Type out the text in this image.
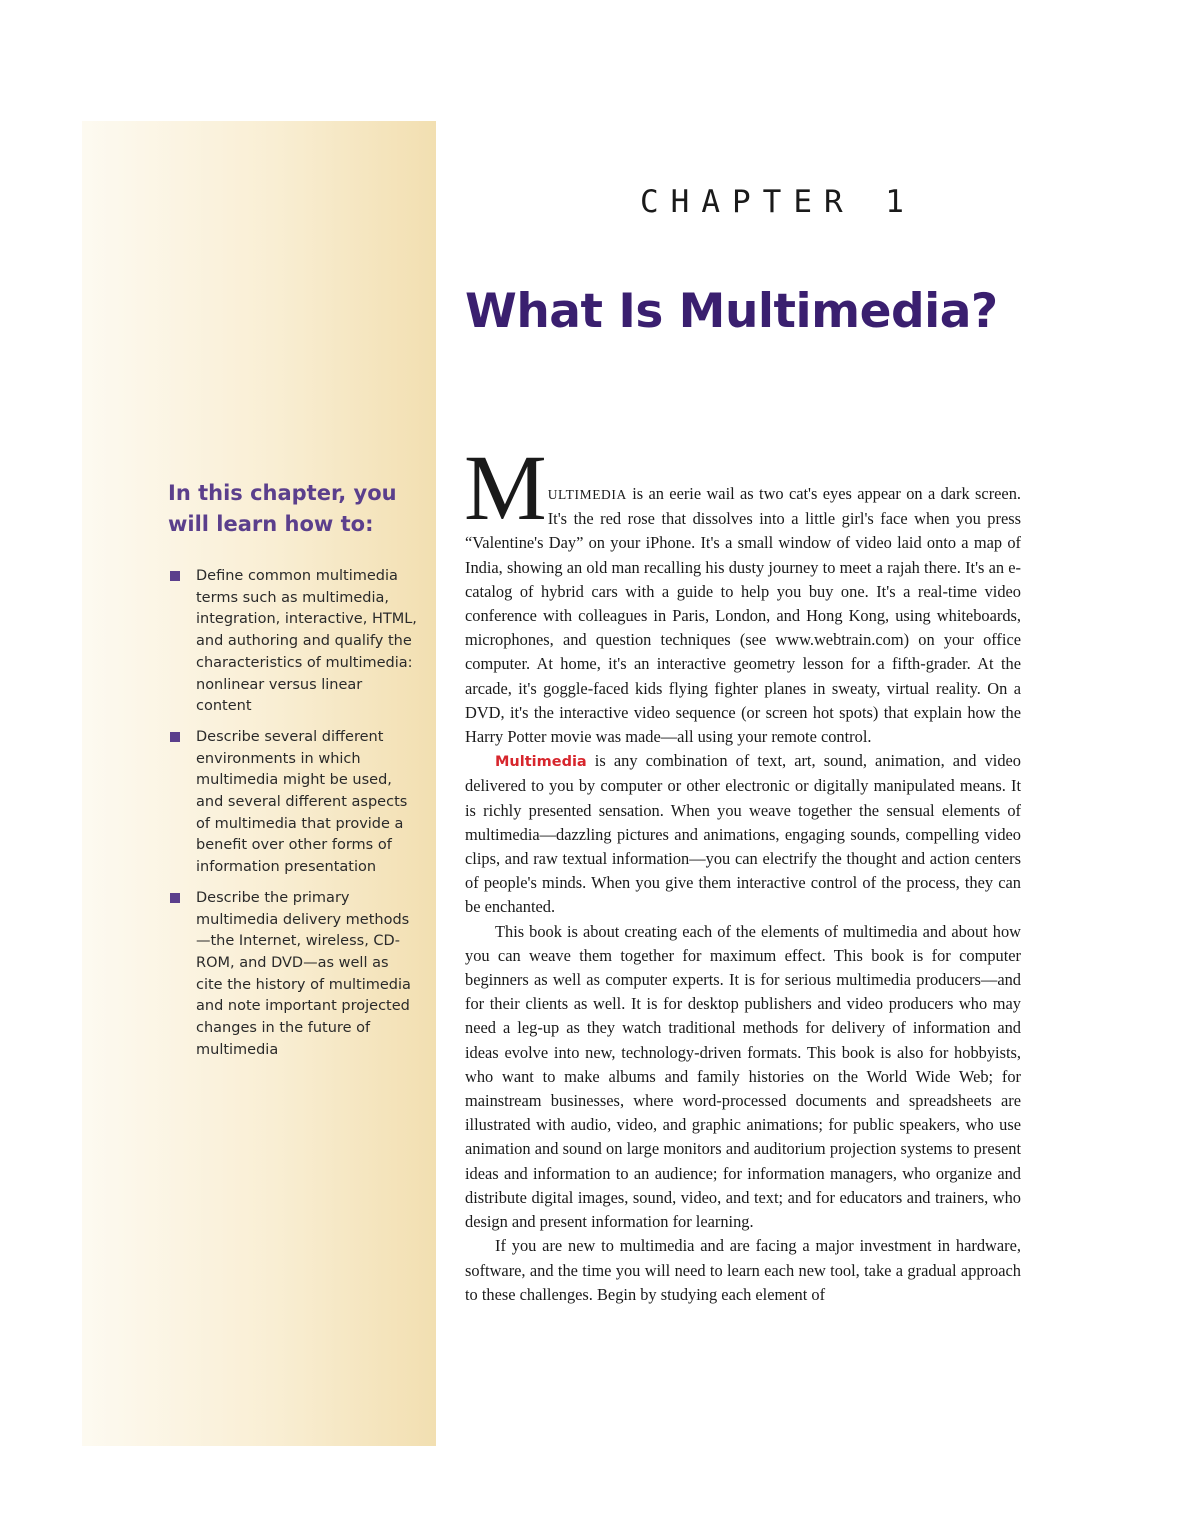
In this chapter, you
will learn how to:
Define common multimedia terms such as multimedia, integration, interactive, HTML, and authoring and qualify the characteristics of multimedia: nonlinear versus linear content
Describe several different environments in which multimedia might be used, and several different aspects of multimedia that provide a benefit over other forms of information presentation
Describe the primary multimedia delivery methods—the Internet, wireless, CD-ROM, and DVD—as well as cite the history of multimedia and note important projected changes in the future of multimedia
CHAPTER 1
What Is Multimedia?

MULTIMEDIA is an eerie wail as two cat's eyes appear on a dark screen. It's the red rose that dissolves into a little girl's face when you press “Valentine's Day” on your iPhone. It's a small window of video laid onto a map of India, showing an old man recalling his dusty journey to meet a rajah there. It's an e-catalog of hybrid cars with a guide to help you buy one. It's a real-time video conference with colleagues in Paris, London, and Hong Kong, using whiteboards, microphones, and question techniques (see www.webtrain.com) on your office computer. At home, it's an interactive geometry lesson for a fifth-grader. At the arcade, it's goggle-faced kids flying fighter planes in sweaty, virtual reality. On a DVD, it's the interactive video sequence (or screen hot spots) that explain how the Harry Potter movie was made—all using your remote control.

Multimedia is any combination of text, art, sound, animation, and video delivered to you by computer or other electronic or digitally manipulated means. It is richly presented sensation. When you weave together the sensual elements of multimedia—dazzling pictures and animations, engaging sounds, compelling video clips, and raw textual information—you can electrify the thought and action centers of people's minds. When you give them interactive control of the process, they can be enchanted.

This book is about creating each of the elements of multimedia and about how you can weave them together for maximum effect. This book is for computer beginners as well as computer experts. It is for serious multimedia producers—and for their clients as well. It is for desktop publishers and video producers who may need a leg-up as they watch traditional methods for delivery of information and ideas evolve into new, technology-driven formats. This book is also for hobbyists, who want to make albums and family histories on the World Wide Web; for mainstream businesses, where word-processed documents and spreadsheets are illustrated with audio, video, and graphic animations; for public speakers, who use animation and sound on large monitors and auditorium projection systems to present ideas and information to an audience; for information managers, who organize and distribute digital images, sound, video, and text; and for educators and trainers, who design and present information for learning.

If you are new to multimedia and are facing a major investment in hardware, software, and the time you will need to learn each new tool, take a gradual approach to these challenges. Begin by studying each element of
